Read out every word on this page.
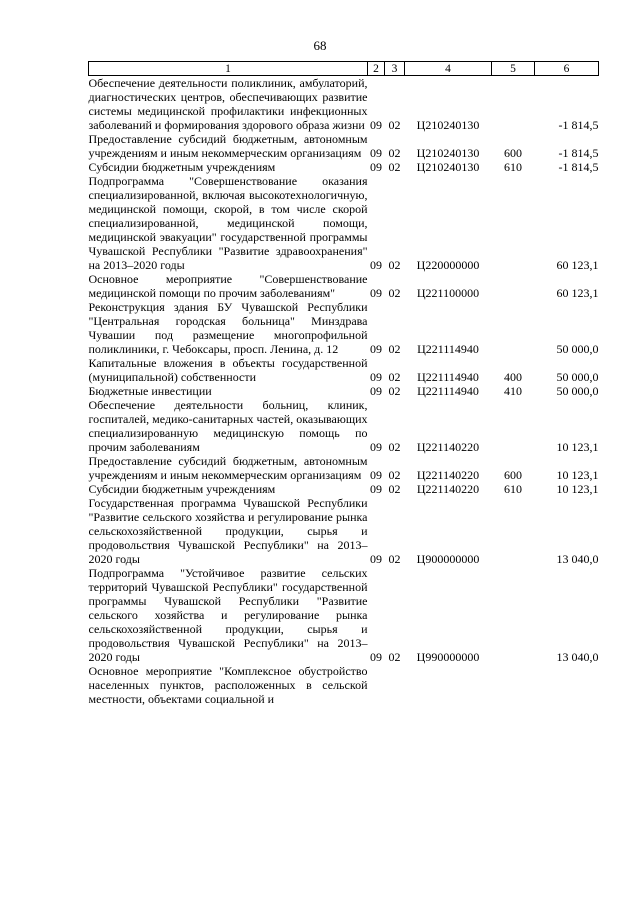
68
1	2	3	4	5	6
Обеспечение деятельности поликлиник, амбулаторий, диагностических центров, обеспечивающих развитие системы медицинской профилактики инфекционных заболеваний и формирования здорового образа жизни	09	02	Ц210240130		-1 814,5
Предоставление субсидий бюджетным, автономным учреждениям и иным некоммерческим организациям	09	02	Ц210240130	600	-1 814,5
Субсидии бюджетным учреждениям	09	02	Ц210240130	610	-1 814,5
Подпрограмма "Совершенствование оказания специализированной, включая высокотехнологичную, медицинской помощи, скорой, в том числе скорой специализированной, медицинской помощи, медицинской эвакуации" государственной программы Чувашской Республики "Развитие здравоохранения" на 2013–2020 годы	09	02	Ц220000000		60 123,1
Основное мероприятие "Совершенствование медицинской помощи по прочим заболеваниям"	09	02	Ц221100000		60 123,1
Реконструкция здания БУ Чувашской Республики "Центральная городская больница" Минздрава Чувашии под размещение многопрофильной поликлиники, г. Чебоксары, просп. Ленина, д. 12	09	02	Ц221114940		50 000,0
Капитальные вложения в объекты государственной (муниципальной) собственности	09	02	Ц221114940	400	50 000,0
Бюджетные инвестиции	09	02	Ц221114940	410	50 000,0
Обеспечение деятельности больниц, клиник, госпиталей, медико-санитарных частей, оказывающих специализированную медицинскую помощь по прочим заболеваниям	09	02	Ц221140220		10 123,1
Предоставление субсидий бюджетным, автономным учреждениям и иным некоммерческим организациям	09	02	Ц221140220	600	10 123,1
Субсидии бюджетным учреждениям	09	02	Ц221140220	610	10 123,1
Государственная программа Чувашской Республики "Развитие сельского хозяйства и регулирование рынка сельскохозяйственной продукции, сырья и продовольствия Чувашской Республики" на 2013–2020 годы	09	02	Ц900000000		13 040,0
Подпрограмма "Устойчивое развитие сельских территорий Чувашской Республики" государственной программы Чувашской Республики "Развитие сельского хозяйства и регулирование рынка сельскохозяйственной продукции, сырья и продовольствия Чувашской Республики" на 2013–2020 годы	09	02	Ц990000000		13 040,0
Основное мероприятие "Комплексное обустройство населенных пунктов, расположенных в сельской местности, объектами социальной и					
